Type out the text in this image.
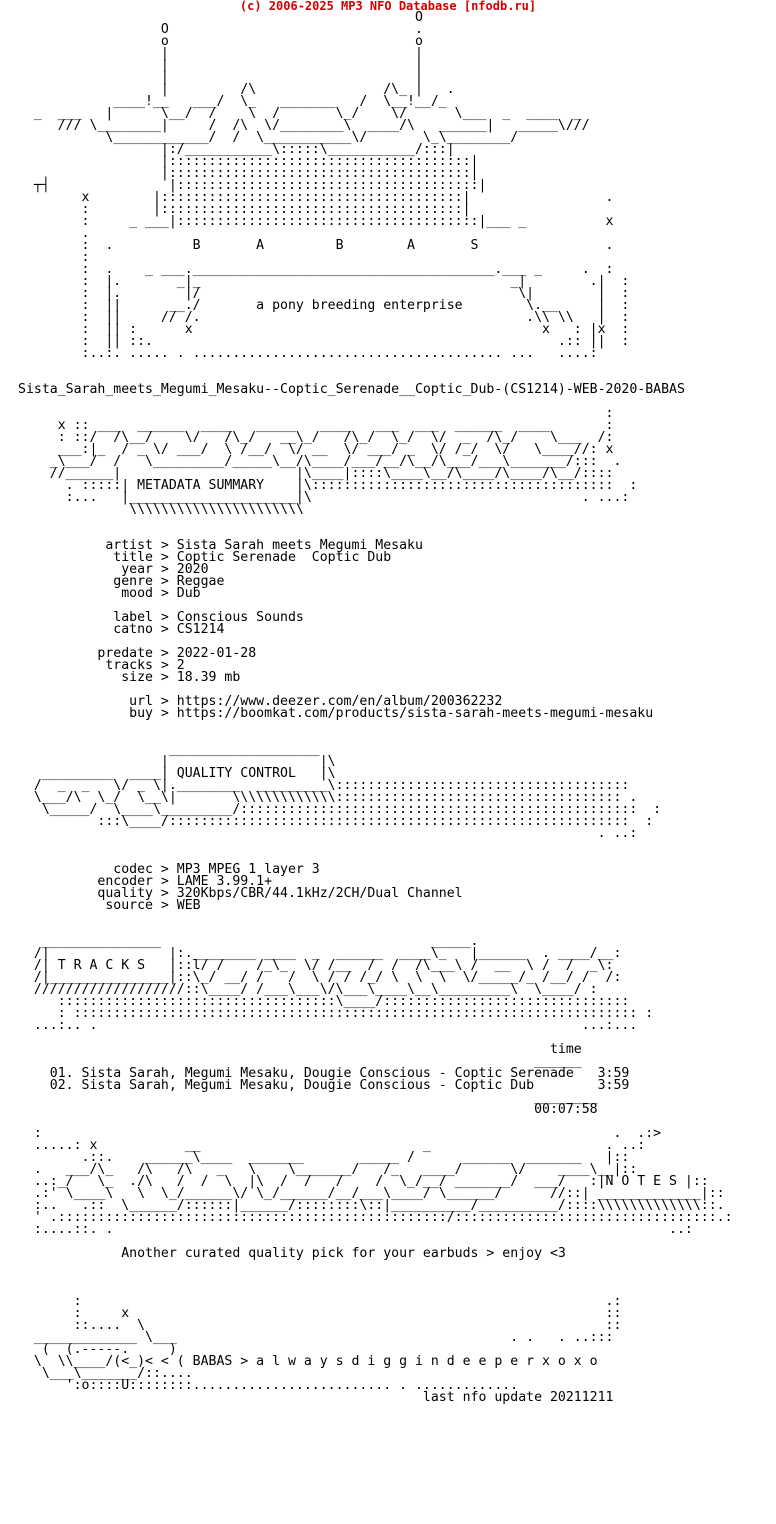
(c) 2006-2025 MP3 NFO Database [nfodb.ru]
O
O                               .
o                               o
|                               |
|                               |
|                               |
|         /\                /\_ |   .
____!__   ___/  \_   _______   /  \__!__/_
_  ___   |      \__/  /    \  /       \_/    \/      \___  _  ____  _
/// \________|     /  /\  \/________\  ____/\   ______|   _____\///
\____________/  /  \___________\/       \_\________/
|:/___________\:::::\___________/:::|
|::::::::::::::::::::::::::::::::::::::|
|::::::::::::::::::::::::::::::::::::::|
┬┤               |::::::::::::::::::::::::::::::::::::::|
x        |::::::::::::::::::::::::::::::::::::::|                 .
:        |::::::::::::::::::::::::::::::::::::::|
:     _ ___|::::::::::::::::::::::::::::::::::::::|___ _          x
.
:  .          B       A         B        A       S                .
:
:  .    _ ___.______________________________________.___ _     .  :
:  |.       _|_                                       _|        .|  :
:  |.        |/                                        \|        |  :
:  ||      __./       a pony breeding enterprise        \.__     |  :
:  ||     // /.                                         .\\ \\   |  :
:  || :      x                                            x   : |x  :
:  || ::.                                                   .:: ||  :
:..:. ..... . ....................................... ...   ....:

Sista_Sarah_meets_Megumi_Mesaku--Coptic_Serenade__Coptic_Dub-(CS1214)-WEB-2020-BABAS

:
x :: ___  ______  ____   _____   ____   ___  ___  ______  ____       :
: ::/  /\__/    \/   /\_/   __\_/   /\_/  \_/  \/  _  /\_/    \___  /:
___:|_  / _ \/ ___/  \ /__/  \/ __  \/ ___/ _  \/ /_/  \/   \____//: x
_\___/  /   \_________/_____\__/\____/___/__/\__/\___/___\_______/:::  .
//______|                      |\____|::::\____\__/\____/\____/\__/::::
. :::::| METADATA SUMMARY    |\::::::::::::::::::::::::::::::::::::::  :
:...   |_____________________|\                                  . ...:
\\\\\\\\\\\\\\\\\\\\\\

artist > Sista Sarah meets Megumi Mesaku
title > Coptic Serenade  Coptic Dub
year > 2020
genre > Reggae
mood > Dub

label > Conscious Sounds
catno > CS1214

predate > 2022-01-28
tracks > 2
size > 18.39 mb

url > https://www.deezer.com/en/album/200362232
buy > https://boomkat.com/products/sista-sarah-meets-megumi-mesaku

___________________
|                   |\
_________  ____| QUALITY CONTROL   |\
/  _  _   \/ _ \|.________  _________\:::::::::::::::::::::::::::::::::::::
\___/\  \_/  \__\|       \\\\\\\\\\\\\:::::::::::::::::::::::::::::::::::: .
\_____/  \____\_________/::::::::::::::::::::::::::::::::::::::::::::::::::  :
:::\____/::::::::::::::::::::::::::::::::::::::::::::::::::::::::::  :
. ..:

codec > MP3 MPEG 1 layer 3
encoder > LAME 3.99.1+
quality > 320Kbps/CBR/44.1kHz/2CH/Dual Channel
source > WEB

_______________                                  _____.
/|               |:.________ ____  _  ______  ____\_   |______  . ____/__:
/| T R A C K S   |::l/ /    /_\_  \/ /__  /  /  /\___\ /  __  \ /  /  _\:
/|_______________|::\_/ __/ /   /  \ / / /_/ \  \  \  \/_____/_ /__/ /  /:
///////////////////::\____/ /___\___\/\___\____\__\_________\  \____/ :
:::::::::::::::::::::::::::::::::::\____/:::::::::::::::::::::::::::::::
: ::::::::::::::::::::::::::::::::::::::::::::::::::::::::::::::::::::::: :
...:.. .                                                             ...:...

time
______
01. Sista Sarah, Megumi Mesaku, Dougie Conscious - Coptic Serenade   3:59
02. Sista Sarah, Megumi Mesaku, Dougie Conscious - Coptic Dub        3:59
________
00:07:58

:                                                                        .  .:>
.....: x           __                            _                      . ..:
.::.    ______\____  _______       _____ /      ______  _______   |::
.   ___/\_   /\   /\   _   \    \_______/   /_   ____/      \/    ____\__|::
..:_/   \_  ./\   /  /  \  |\  /  /   /    /  \_/__/ _______/  ___/   :|N O T E S |::
.:' \____\   \  \_/______\/ \_/______/__/___\____/ \______/      //::| _____________|::
:..   .::  \______/::::::|______/::::::::\::|__________/__________/::::\\\\\\\\\\\\\::.
' .:::::::::::::::::::::::::::::::::::::::::::::::::/:::::::::::::::::::::::::::::::::.:
:....::. .                                                                      ..:

Another curated quality pick for your earbuds > enjoy <3

:                                                                  .:
:     x                                                            ::
::....  \                                                          ::
_____________ \___                                          . .   . ..:::
(  (.-----.     )
\  \\____/(<_)< < ( BABAS > a l w a y s d i g g i n d e e p e r x o x o
\___\_______/::....
':o::::U::::::::......................... . .............
last nfo update 20211211
